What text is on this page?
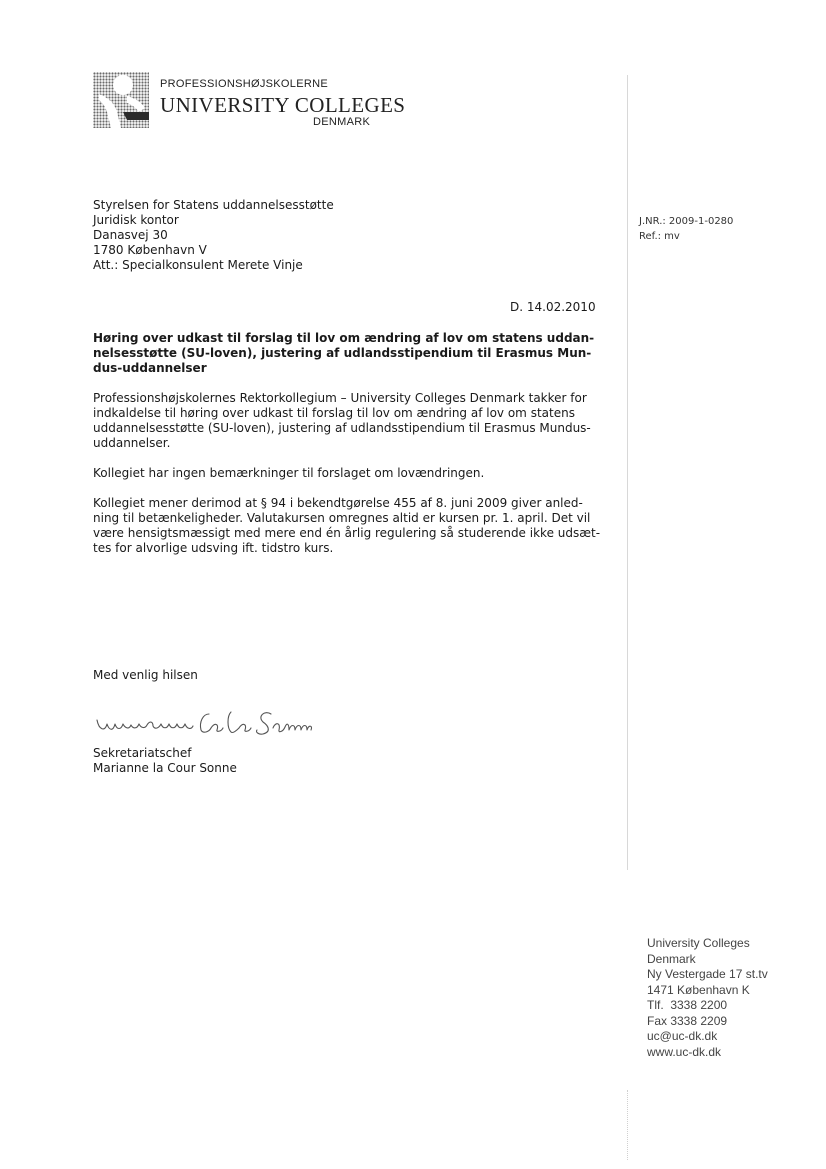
PROFESSIONSHØJSKOLERNE
UNIVERSITY COLLEGES
DENMARK
Styrelsen for Statens uddannelsesstøtte
Juridisk kontor
Danasvej 30
1780 København V
Att.: Specialkonsulent Merete Vinje
J.NR.: 2009-1-0280
Ref.: mv
D. 14.02.2010
Høring over udkast til forslag til lov om ændring af lov om statens uddan-
nelsesstøtte (SU-loven), justering af udlandsstipendium til Erasmus Mun-
dus-uddannelser
Professionshøjskolernes Rektorkollegium – University Colleges Denmark takker for
indkaldelse til høring over udkast til forslag til lov om ændring af lov om statens
uddannelsesstøtte (SU-loven), justering af udlandsstipendium til Erasmus Mundus-
uddannelser.
Kollegiet har ingen bemærkninger til forslaget om lovændringen.
Kollegiet mener derimod at § 94 i bekendtgørelse 455 af 8. juni 2009 giver anled-
ning til betænkeligheder. Valutakursen omregnes altid er kursen pr. 1. april. Det vil
være hensigtsmæssigt med mere end én årlig regulering så studerende ikke udsæt-
tes for alvorlige udsving ift. tidstro kurs.
Med venlig hilsen
Sekretariatschef
Marianne la Cour Sonne
University Colleges
Denmark
Ny Vestergade 17 st.tv
1471 København K
Tlf.  3338 2200
Fax 3338 2209
uc@uc-dk.dk
www.uc-dk.dk
